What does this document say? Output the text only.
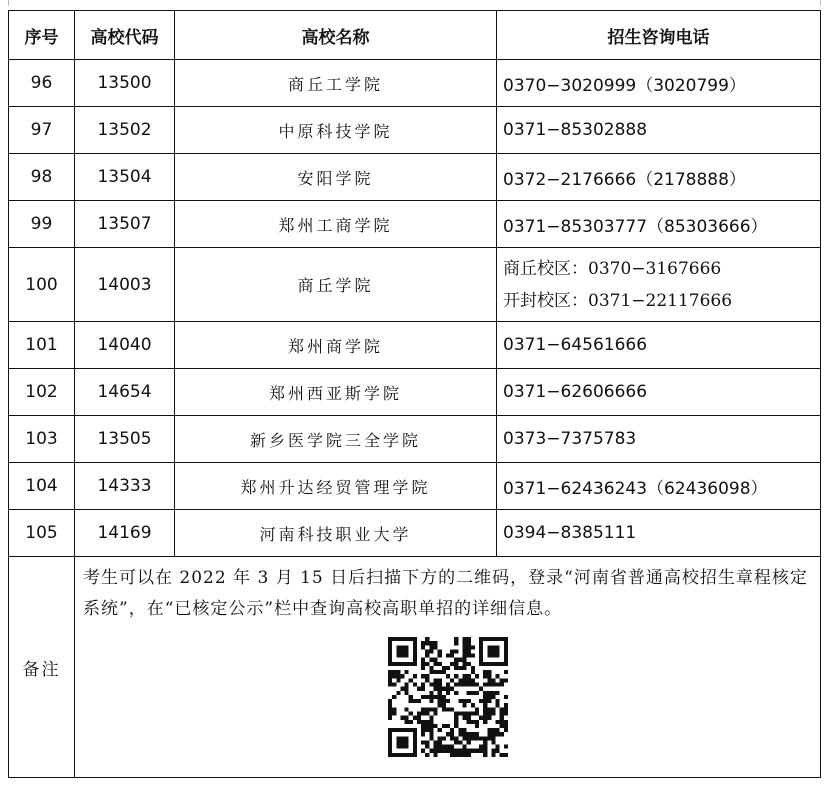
序号	高校代码	高校名称	招生咨询电话
96	13500	商丘工学院	0370−3020999（3020799）
97	13502	中原科技学院	0371−85302888
98	13504	安阳学院	0372−2176666（2178888）
99	13507	郑州工商学院	0371−85303777（85303666）
100	14003	商丘学院	商丘校区：0370−3167666
开封校区：0371−22117666

101	14040	郑州商学院	0371−64561666
102	14654	郑州西亚斯学院	0371−62606666
103	13505	新乡医学院三全学院	0373−7375783
104	14333	郑州升达经贸管理学院	0371−62436243（62436098）
105	14169	河南科技职业大学	0394−8385111
备注	考生可以在 2022 年 3 月 15 日后扫描下方的二维码，登录“河南省普通高校招生章程核定系统”，在“已核定公示”栏中查询高校高职单招的详细信息。		
